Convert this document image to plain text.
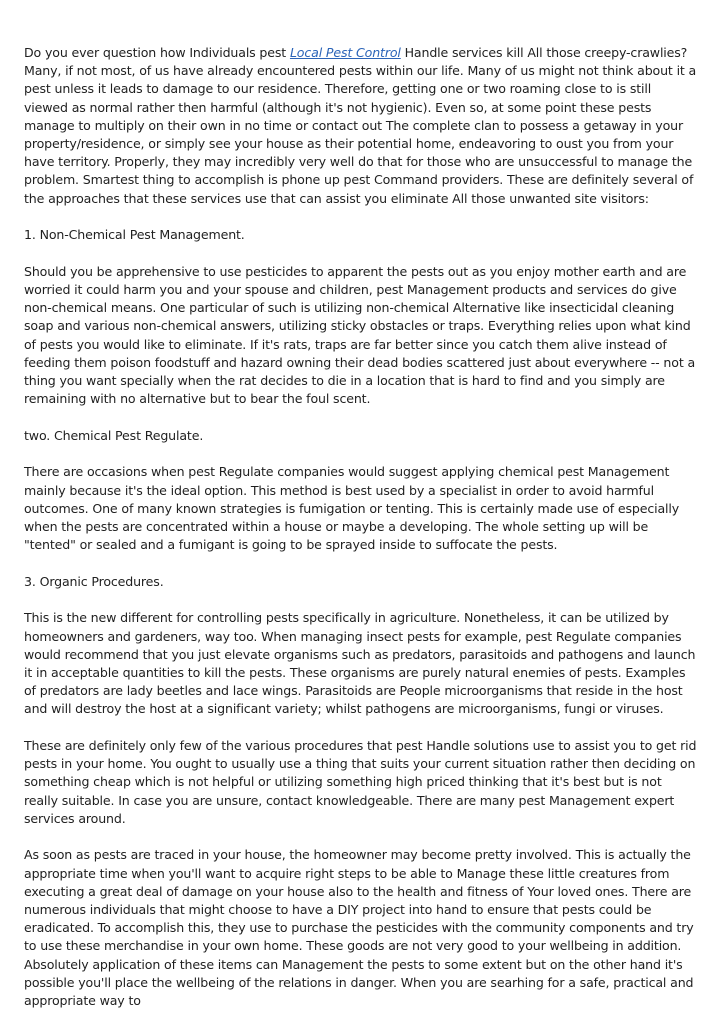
Do you ever question how Individuals pest Local Pest Control Handle services kill All those creepy-crawlies? Many, if not most, of us have already encountered pests within our life. Many of us might not think about it a pest unless it leads to damage to our residence. Therefore, getting one or two roaming close to is still viewed as normal rather then harmful (although it's not hygienic). Even so, at some point these pests manage to multiply on their own in no time or contact out The complete clan to possess a getaway in your property/residence, or simply see your house as their potential home, endeavoring to oust you from your have territory. Properly, they may incredibly very well do that for those who are unsuccessful to manage the problem. Smartest thing to accomplish is phone up pest Command providers. These are definitely several of the approaches that these services use that can assist you eliminate All those unwanted site visitors:

1. Non-Chemical Pest Management.

Should you be apprehensive to use pesticides to apparent the pests out as you enjoy mother earth and are worried it could harm you and your spouse and children, pest Management products and services do give non-chemical means. One particular of such is utilizing non-chemical Alternative like insecticidal cleaning soap and various non-chemical answers, utilizing sticky obstacles or traps. Everything relies upon what kind of pests you would like to eliminate. If it's rats, traps are far better since you catch them alive instead of feeding them poison foodstuff and hazard owning their dead bodies scattered just about everywhere -- not a thing you want specially when the rat decides to die in a location that is hard to find and you simply are remaining with no alternative but to bear the foul scent.

two. Chemical Pest Regulate.

There are occasions when pest Regulate companies would suggest applying chemical pest Management mainly because it's the ideal option. This method is best used by a specialist in order to avoid harmful outcomes. One of many known strategies is fumigation or tenting. This is certainly made use of especially when the pests are concentrated within a house or maybe a developing. The whole setting up will be "tented" or sealed and a fumigant is going to be sprayed inside to suffocate the pests.

3. Organic Procedures.

This is the new different for controlling pests specifically in agriculture. Nonetheless, it can be utilized by homeowners and gardeners, way too. When managing insect pests for example, pest Regulate companies would recommend that you just elevate organisms such as predators, parasitoids and pathogens and launch it in acceptable quantities to kill the pests. These organisms are purely natural enemies of pests. Examples of predators are lady beetles and lace wings. Parasitoids are People microorganisms that reside in the host and will destroy the host at a significant variety; whilst pathogens are microorganisms, fungi or viruses.

These are definitely only few of the various procedures that pest Handle solutions use to assist you to get rid pests in your home. You ought to usually use a thing that suits your current situation rather then deciding on something cheap which is not helpful or utilizing something high priced thinking that it's best but is not really suitable. In case you are unsure, contact knowledgeable. There are many pest Management expert services around.

As soon as pests are traced in your house, the homeowner may become pretty involved. This is actually the appropriate time when you'll want to acquire right steps to be able to Manage these little creatures from executing a great deal of damage on your house also to the health and fitness of Your loved ones. There are numerous individuals that might choose to have a DIY project into hand to ensure that pests could be eradicated. To accomplish this, they use to purchase the pesticides with the community components and try to use these merchandise in your own home. These goods are not very good to your wellbeing in addition. Absolutely application of these items can Management the pests to some extent but on the other hand it's possible you'll place the wellbeing of the relations in danger. When you are searhing for a safe, practical and appropriate way to
